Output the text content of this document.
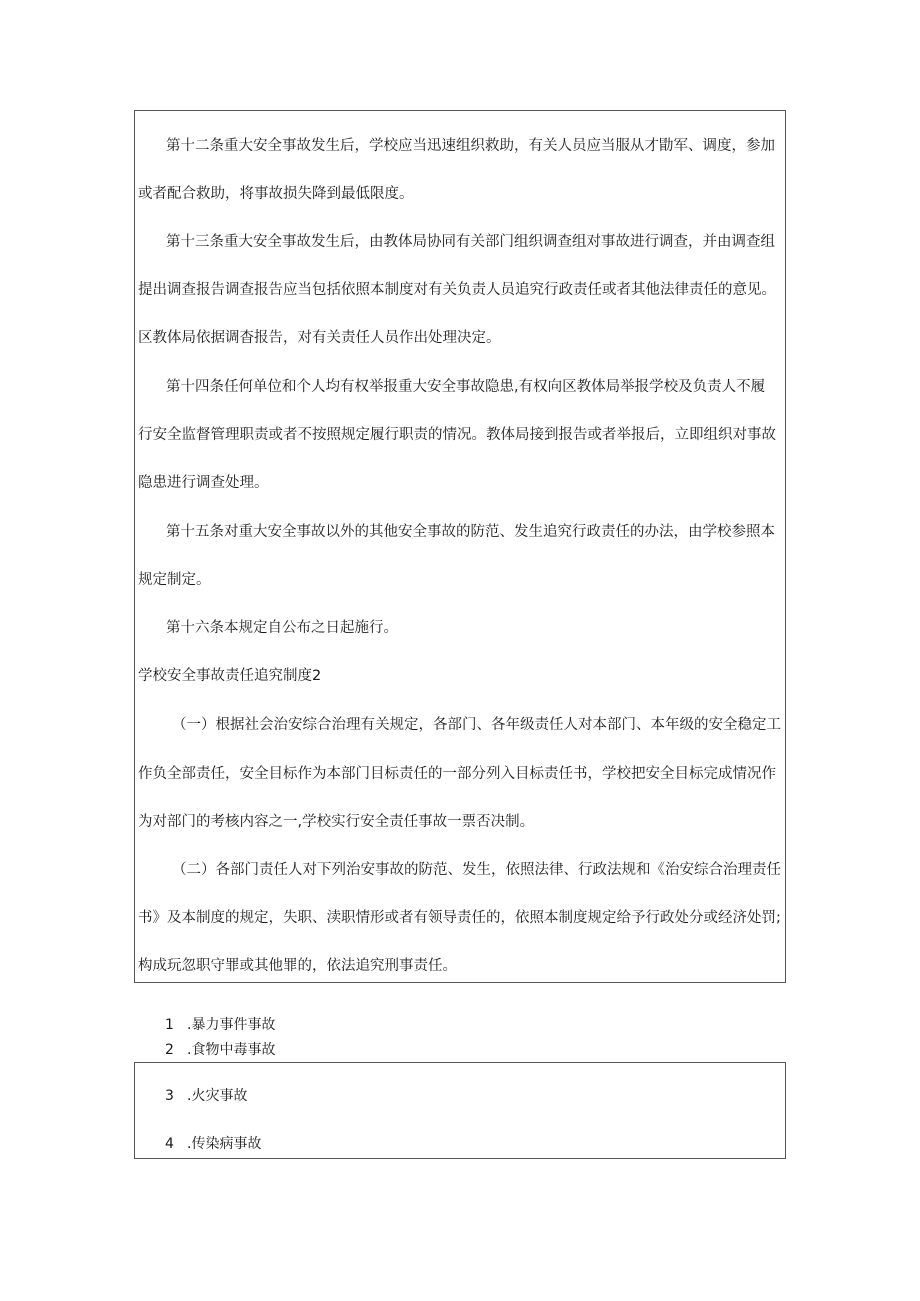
第十二条重大安全事故发生后，学校应当迅速组织救助，有关人员应当服从才勖军、调度，参加
或者配合救助，将事故损失降到最低限度。
第十三条重大安全事故发生后，由教体局协同有关部门组织调查组对事故进行调查，并由调查组
提出调查报告调查报告应当包括依照本制度对有关负责人员追究行政责任或者其他法律责任的意见。
区教体局依据调杳报告，对有关责任人员作出处理决定。
第十四条任何单位和个人均有权举报重大安全事故隐患,有权向区教体局举报学校及负责人不履
行安全监督管理职责或者不按照规定履行职责的情况。教体局接到报告或者举报后，立即组织对事故
隐患进行调查处理。
第十五条对重大安全事故以外的其他安全事故的防范、发生追究行政责任的办法，由学校参照本
规定制定。
第十六条本规定自公布之日起施行。
学校安全事故责任追究制度2
（一）根据社会治安综合治理有关规定，各部门、各年级责任人对本部门、本年级的安全稳定工
作负全部责任，安全目标作为本部门目标责任的一部分列入目标责任书，学校把安全目标完成情况作
为对部门的考核内容之一,学校实行安全责任事故一票否决制。
（二）各部门责任人对下列治安事故的防范、发生，依照法律、行政法规和《治安综合治理责任
书》及本制度的规定，失职、渎职情形或者有领导责任的，依照本制度规定给予行政处分或经济处罚;
构成玩忽职守罪或其他罪的，依法追究刑事责任。
1 .暴力事件事故
2 .食物中毒事故
3 .火灾事故
4 .传染病事故
